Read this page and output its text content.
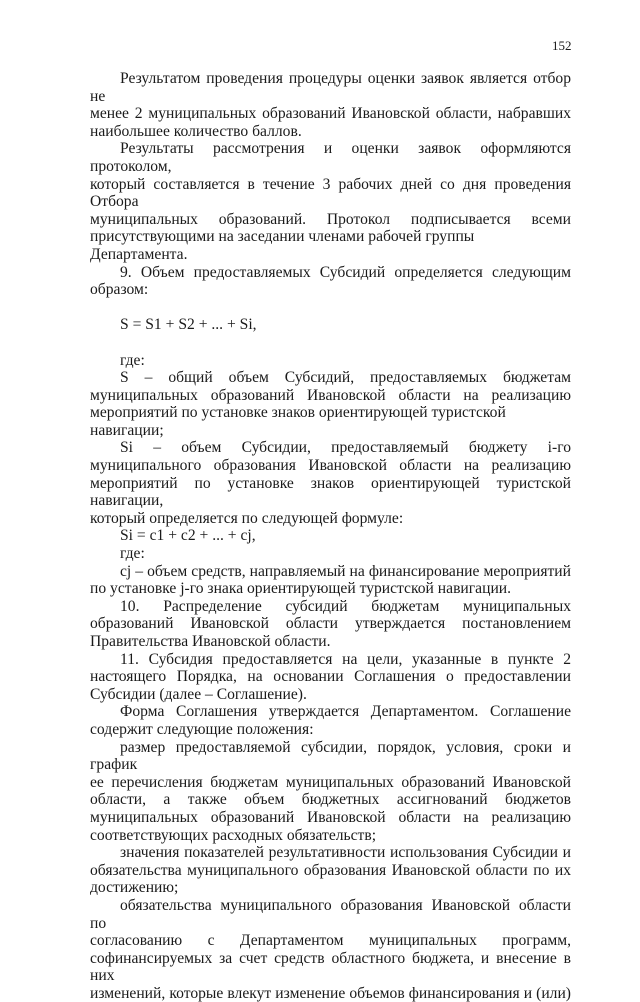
152

Результатом проведения процедуры оценки заявок является отбор не

менее 2 муниципальных образований Ивановской области, набравших

наибольшее количество баллов.

Результаты рассмотрения и оценки заявок оформляются протоколом,

который составляется в течение 3 рабочих дней со дня проведения Отбора

муниципальных образований. Протокол подписывается всеми

присутствующими на заседании членами рабочей группы Департамента.

9. Объем предоставляемых Субсидий определяется следующим

образом:

S = S1 + S2 + ... + Si,

где:

S – общий объем Субсидий, предоставляемых бюджетам

муниципальных образований Ивановской области на реализацию

мероприятий по установке знаков ориентирующей туристской навигации;

Si – объем Субсидии, предоставляемый бюджету i-го

муниципального образования Ивановской области на реализацию

мероприятий по установке знаков ориентирующей туристской навигации,

который определяется по следующей формуле:

Si = c1 + c2 + ... + cj,

где:

cj – объем средств, направляемый на финансирование мероприятий

по установке j-го знака ориентирующей туристской навигации.

10. Распределение субсидий бюджетам муниципальных

образований Ивановской области утверждается постановлением

Правительства Ивановской области.

11. Субсидия предоставляется на цели, указанные в пункте 2

настоящего Порядка, на основании Соглашения о предоставлении

Субсидии (далее – Соглашение).

Форма Соглашения утверждается Департаментом. Соглашение

содержит следующие положения:

размер предоставляемой субсидии, порядок, условия, сроки и график

ее перечисления бюджетам муниципальных образований Ивановской

области, а также объем бюджетных ассигнований бюджетов

муниципальных образований Ивановской области на реализацию

соответствующих расходных обязательств;

значения показателей результативности использования Субсидии и

обязательства муниципального образования Ивановской области по их

достижению;

обязательства муниципального образования Ивановской области по

согласованию с Департаментом муниципальных программ,

софинансируемых за счет средств областного бюджета, и внесение в них

изменений, которые влекут изменение объемов финансирования и (или)
